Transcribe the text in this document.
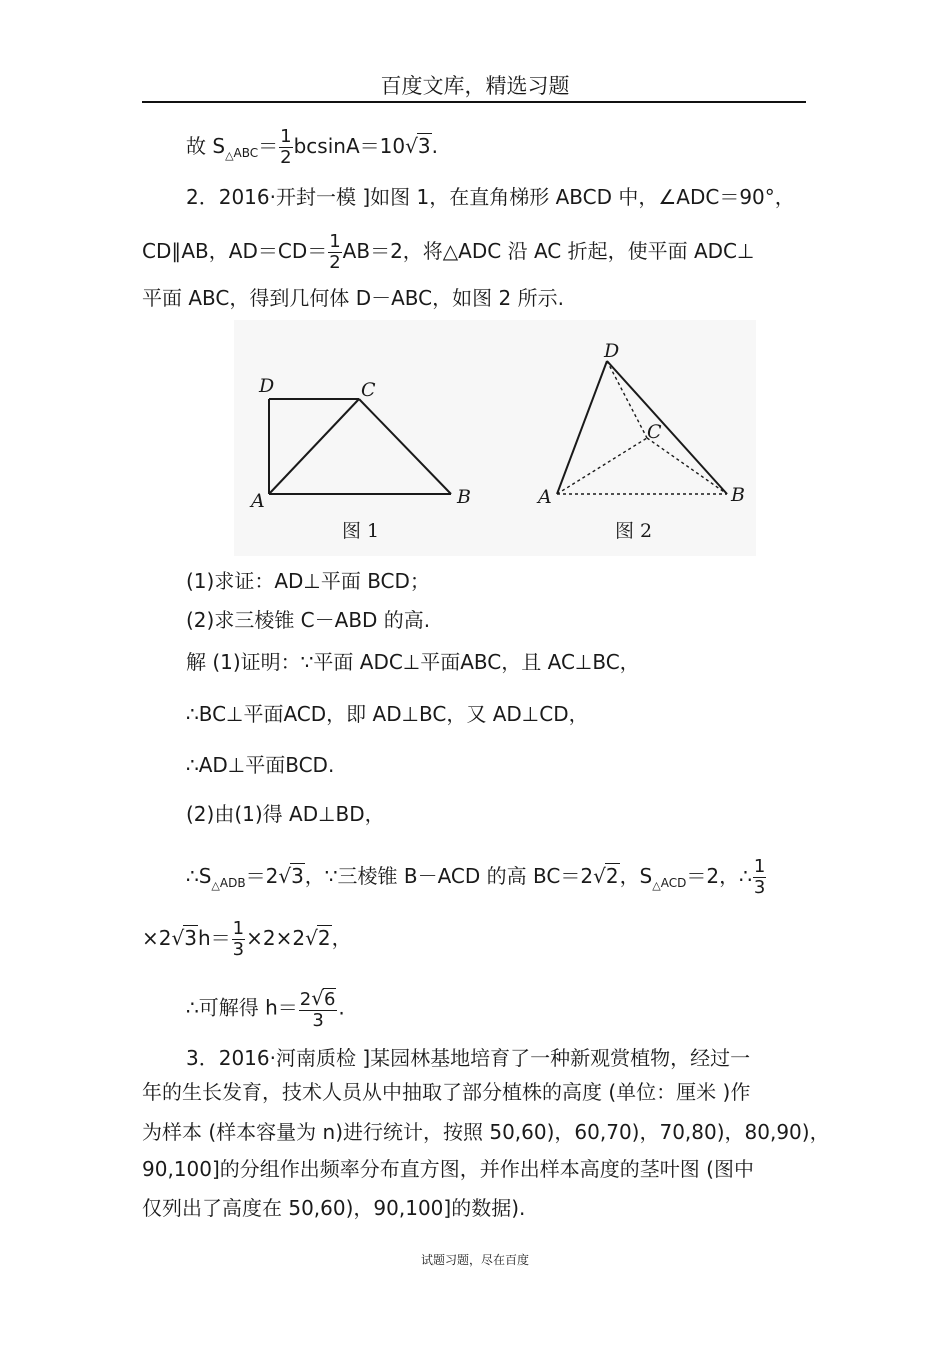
百度文库，精选习题
故 $S_{\triangle ABC}= \frac{1}{2} bcsinA=10√3$.
2．2016·开封一模 ]如图 1，在直角梯形 ABCD 中，∠ADC＝90°，
CD∥AB，$AD=CD= \frac{1}{2} AB=2$，将△ADC 沿 AC 折起，使平面 ADC⊥
平面 ABC，得到几何体 D－ABC，如图 2 所示.
D	C
A	B
D
C
A	B
图 1	图 2
(1)求证：AD⊥平面 BCD；
(2)求三棱锥 C－ABD 的高.
解 (1)证明：∵平面 ADC⊥平面ABC，且 AC⊥BC，
∴BC⊥平面ACD，即 AD⊥BC，又 AD⊥CD，
∴AD⊥平面BCD.
(2)由(1)得 AD⊥BD，
$\therefore S_{\triangle ADB}=2√3$，∵三棱锥 B－ACD 的高 BC＝2√2，$S_{\triangle ACD}=2$，∴ $\frac{1}{3}$
$\times 2√3h= \frac{1}{3} \times 2\times 2√2$，
∴可解得 $h= \frac{2√6}{3}$ .
3．2016·河南质检 ]某园林基地培育了一种新观赏植物，经过一
年的生长发育，技术人员从中抽取了部分植株的高度 (单位：厘米 )作
为样本 (样本容量为 n)进行统计，按照 50,60)，60,70)，70,80)，80,90)，
90,100]的分组作出频率分布直方图，并作出样本高度的茎叶图 (图中
仅列出了高度在 50,60)，90,100]的数据).
试题习题，尽在百度
